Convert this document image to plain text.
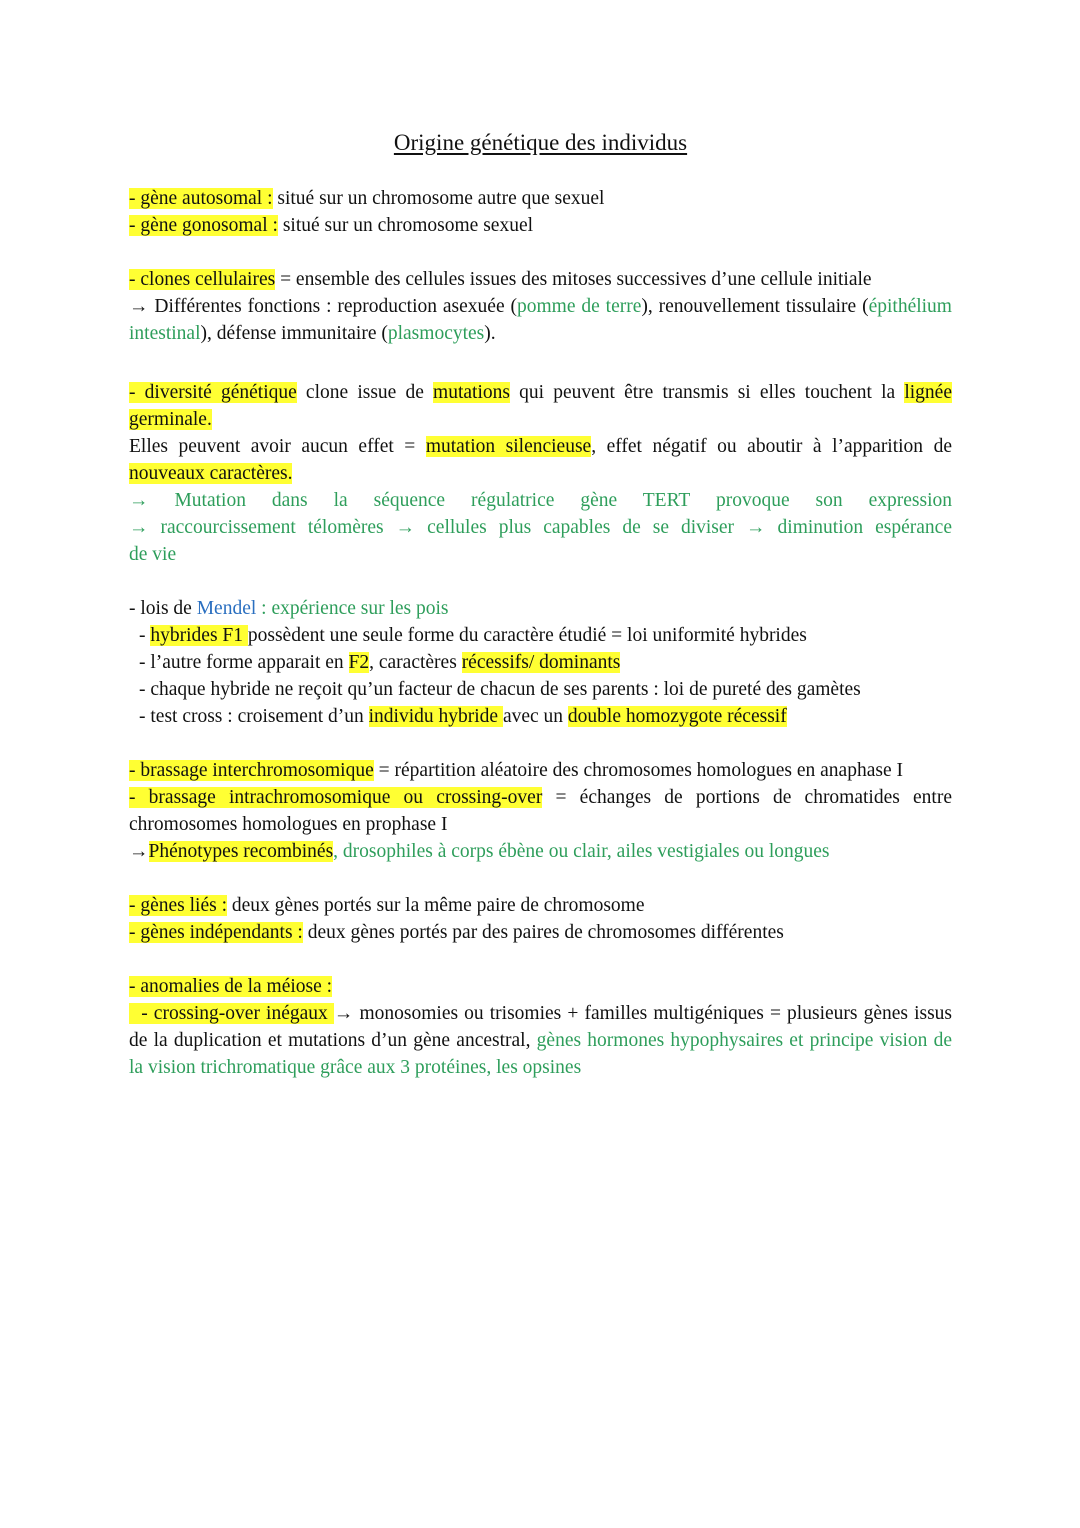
Origine génétique des individus

- gène autosomal : situé sur un chromosome autre que sexuel

- gène gonosomal : situé sur un chromosome sexuel

- clones cellulaires = ensemble des cellules issues des mitoses successives d’une cellule initiale

→ Différentes fonctions : reproduction asexuée (pomme de terre), renouvellement tissulaire (épithélium intestinal), défense immunitaire (plasmocytes).

- diversité génétique clone issue de mutations qui peuvent être transmis si elles touchent la lignée germinale.

Elles peuvent avoir aucun effet = mutation silencieuse, effet négatif ou aboutir à l’apparition de nouveaux caractères.

→ Mutation dans la séquence régulatrice gène TERT provoque son expression

→ raccourcissement télomères → cellules plus capables de se diviser → diminution espérance

de vie

- lois de Mendel : expérience sur les pois

- hybrides F1 possèdent une seule forme du caractère étudié = loi uniformité hybrides

- l’autre forme apparait en F2, caractères récessifs/ dominants

- chaque hybride ne reçoit qu’un facteur de chacun de ses parents : loi de pureté des gamètes

- test cross : croisement d’un individu hybride avec un double homozygote récessif

- brassage interchromosomique = répartition aléatoire des chromosomes homologues en anaphase I

- brassage intrachromosomique ou crossing-over = échanges de portions de chromatides entre chromosomes homologues en prophase I

→Phénotypes recombinés, drosophiles à corps ébène ou clair, ailes vestigiales ou longues

- gènes liés : deux gènes portés sur la même paire de chromosome

- gènes indépendants : deux gènes portés par des paires de chromosomes différentes

- anomalies de la méiose :

- crossing-over inégaux → monosomies ou trisomies + familles multigéniques = plusieurs gènes issus de la duplication et mutations d’un gène ancestral, gènes hormones hypophysaires et principe vision de la vision trichromatique grâce aux 3 protéines, les opsines
